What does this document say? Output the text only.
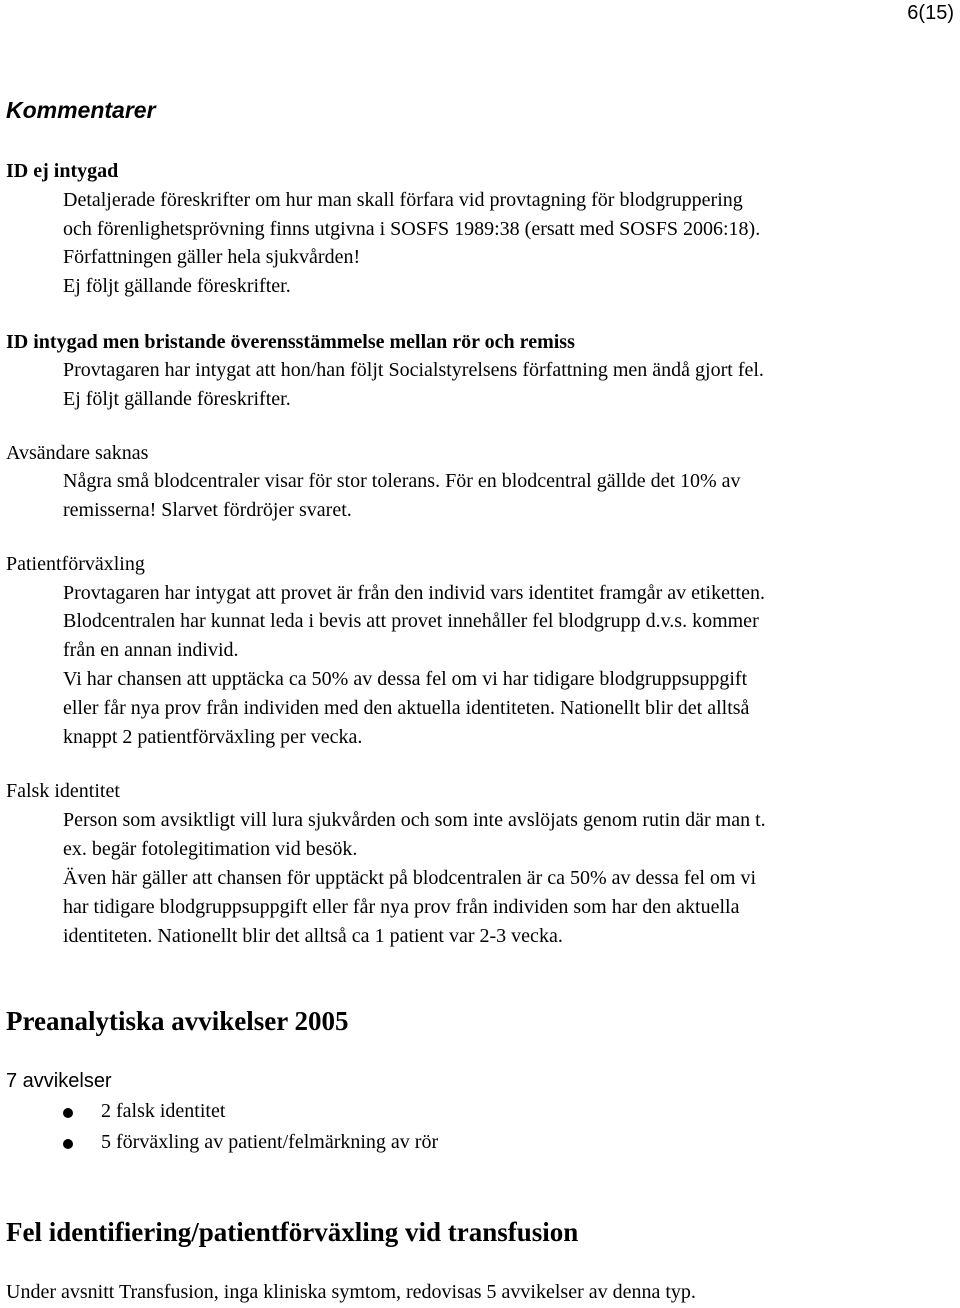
6(15)
Kommentarer
ID ej intygad
Detaljerade föreskrifter om hur man skall förfara vid provtagning för blodgruppering
och förenlighetsprövning finns utgivna i SOSFS 1989:38 (ersatt med SOSFS 2006:18).
Författningen gäller hela sjukvården!
Ej följt gällande föreskrifter.
ID intygad men bristande överensstämmelse mellan rör och remiss
Provtagaren har intygat att hon/han följt Socialstyrelsens författning men ändå gjort fel.
Ej följt gällande föreskrifter.
Avsändare saknas
Några små blodcentraler visar för stor tolerans. För en blodcentral gällde det 10% av
remisserna! Slarvet fördröjer svaret.
Patientförväxling
Provtagaren har intygat att provet är från den individ vars identitet framgår av etiketten.
Blodcentralen har kunnat leda i bevis att provet innehåller fel blodgrupp d.v.s. kommer
från en annan individ.
Vi har chansen att upptäcka ca 50% av dessa fel om vi har tidigare blodgruppsuppgift
eller får nya prov från individen med den aktuella identiteten. Nationellt blir det alltså
knappt 2 patientförväxling per vecka.
Falsk identitet
Person som avsiktligt vill lura sjukvården och som inte avslöjats genom rutin där man t.
ex. begär fotolegitimation vid besök.
Även här gäller att chansen för upptäckt på blodcentralen är ca 50% av dessa fel om vi
har tidigare blodgruppsuppgift eller får nya prov från individen som har den aktuella
identiteten. Nationellt blir det alltså ca 1 patient var 2-3 vecka.
Preanalytiska avvikelser 2005
7 avvikelser
2 falsk identitet
5 förväxling av patient/felmärkning av rör
Fel identifiering/patientförväxling vid transfusion
Under avsnitt Transfusion, inga kliniska symtom, redovisas 5 avvikelser av denna typ.
